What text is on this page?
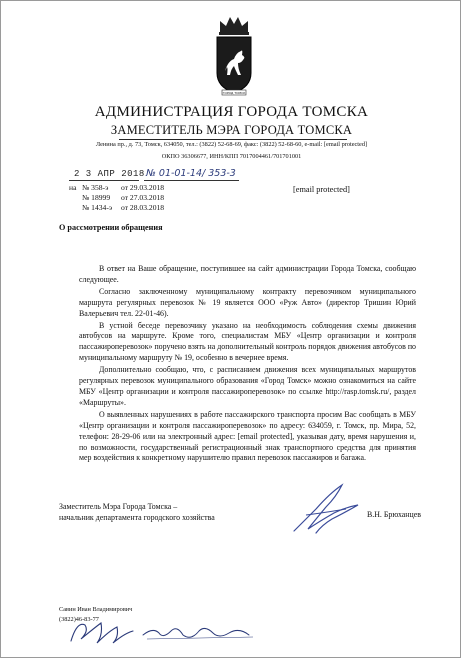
ГОРОД ТОМСК
АДМИНИСТРАЦИЯ ГОРОДА ТОМСКА
ЗАМЕСТИТЕЛЬ МЭРА ГОРОДА ТОМСКА
Ленина пр., д. 73, Томск, 634050, тел.: (3822) 52-68-69, факс: (3822) 52-68-60, e-mail: [email protected]
ОКПО 36306677, ИНН/КПП 7017004461/701701001
2 3 АПР 2018 № 01-01-14/ 353-3
на № 358-э от 29.03.2018
№ 18999 от 27.03.2018
№ 1434-э от 28.03.2018
[email protected]
О рассмотрении обращения

В ответ на Ваше обращение, поступившее на сайт администрации Города Томска, сообщаю следующее.

Согласно заключенному муниципальному контракту перевозчиком муниципального маршрута регулярных перевозок № 19 является ООО «Руж Авто» (директор Тришин Юрий Валерьевич тел. 22-01-46).

В устной беседе перевозчику указано на необходимость соблюдения схемы движения автобусов на маршруте. Кроме того, специалистам МБУ «Центр организации и контроля пассажироперевозок» поручено взять на дополнительный контроль порядок движения автобусов по муниципальному маршруту № 19, особенно в вечернее время.

Дополнительно сообщаю, что, с расписанием движения всех муниципальных маршрутов регулярных перевозок муниципального образования «Город Томск» можно ознакомиться на сайте МБУ «Центр организации и контроля пассажироперевозок» по ссылке http://rasp.tomsk.ru/, раздел «Маршруты».

О выявленных нарушениях в работе пассажирского транспорта просим Вас сообщать в МБУ «Центр организации и контроля пассажироперевозок» по адресу: 634059, г. Томск, пр. Мира, 52, телефон: 28-29-06 или на электронный адрес: [email protected], указывая дату, время нарушения и, по возможности, государственный регистрационный знак транспортного средства для принятия мер воздействия к конкретному нарушителю правил перевозок пассажиров и багажа.

Заместитель Мэра Города Томска –
начальник департамента городского хозяйства	В.Н. Брюханцев
Савин Иван Владимирович
(3822)46-83-77
